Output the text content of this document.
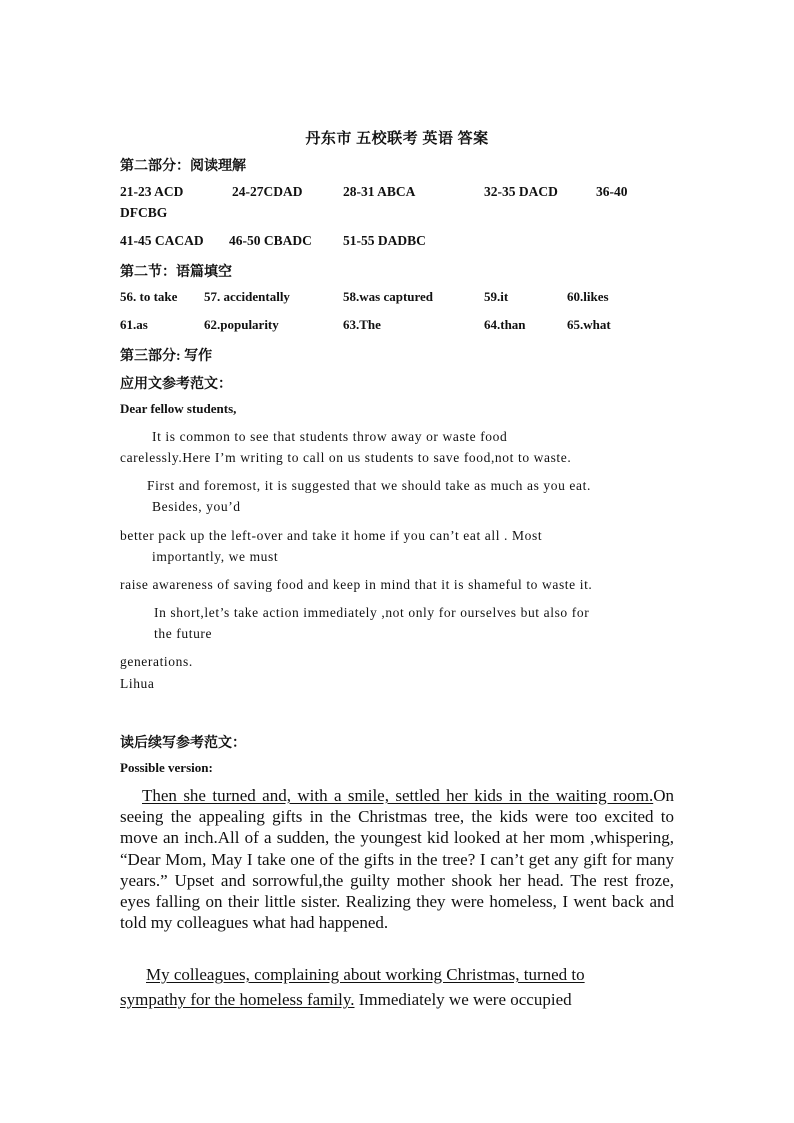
丹东市 五校联考 英语 答案
第二部分：阅读理解
21-23 ACD	24-27CDAD	28-31 ABCA	32-35 DACD	36-40
DFCBG
41-45 CACAD 46-50 CBADC 51-55 DADBC
第二节：语篇填空
56. to take 57. accidentally	58.was captured	59.it	60.likes
61.as	62.popularity	63.The	64.than	65.what
第三部分: 写作
应用文参考范文：
Dear fellow students,
It is common to see that students throw away or waste food
carelessly.Here I’m writing to call on us students to save food,not to waste.
First and foremost, it is suggested that we should take as much as you eat.
Besides, you’d
better pack up the left-over and take it home if you can’t eat all . Most
importantly, we must
raise awareness of saving food and keep in mind that it is shameful to waste it.
In short,let’s take action immediately ,not only for ourselves but also for
the future
generations.
Lihua
读后续写参考范文：
Possible version:
Then she turned and, with a smile, settled her kids in the waiting room.On seeing the appealing gifts in the Christmas tree, the kids were too excited to move an inch.All of a sudden, the youngest kid looked at her mom ,whispering, “Dear Mom, May I take one of the gifts in the tree? I can’t get any gift for many years.” Upset and sorrowful,the guilty mother shook her head. The rest froze, eyes falling on their little sister. Realizing they were homeless, I went back and told my colleagues what had happened.
My colleagues, complaining about working Christmas, turned to
sympathy for the homeless family. Immediately we were occupied
